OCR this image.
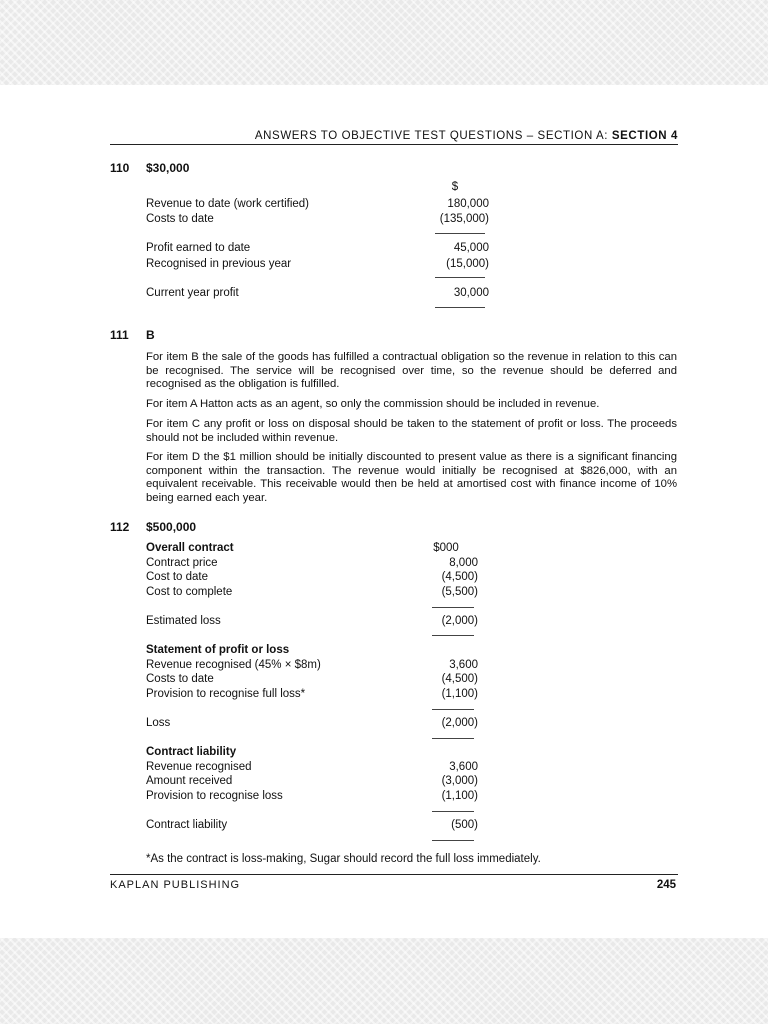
ANSWERS TO OBJECTIVE TEST QUESTIONS – SECTION A: SECTION 4
110 $30,000
$
Revenue to date (work certified)	180,000
Costs to date	(135,000)
Profit earned to date	45,000
Recognised in previous year	(15,000)
Current year profit	30,000
111 B
For item B the sale of the goods has fulfilled a contractual obligation so the revenue in relation to this can be recognised. The service will be recognised over time, so the revenue should be deferred and recognised as the obligation is fulfilled.
For item A Hatton acts as an agent, so only the commission should be included in revenue.
For item C any profit or loss on disposal should be taken to the statement of profit or loss. The proceeds should not be included within revenue.
For item D the $1 million should be initially discounted to present value as there is a significant financing component within the transaction. The revenue would initially be recognised at $826,000, with an equivalent receivable. This receivable would then be held at amortised cost with finance income of 10% being earned each year.
112 $500,000
Overall contract	$000
Contract price	8,000
Cost to date	(4,500)
Cost to complete	(5,500)
Estimated loss	(2,000)
Statement of profit or loss
Revenue recognised (45% × $8m)	3,600
Costs to date	(4,500)
Provision to recognise full loss*	(1,100)
Loss	(2,000)
Contract liability
Revenue recognised	3,600
Amount received	(3,000)
Provision to recognise loss	(1,100)
Contract liability	(500)
*As the contract is loss-making, Sugar should record the full loss immediately.
KAPLAN PUBLISHING	245
